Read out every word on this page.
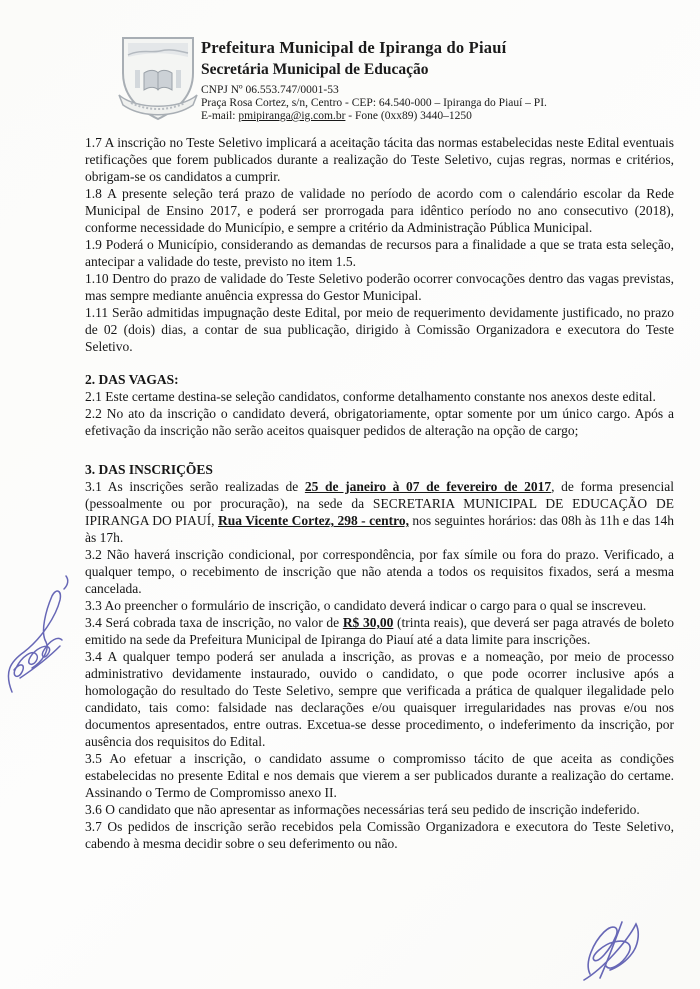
Prefeitura Municipal de Ipiranga do Piauí
Secretária Municipal de Educação
CNPJ Nº 06.553.747/0001-53
Praça Rosa Cortez, s/n, Centro - CEP: 64.540-000 – Ipiranga do Piauí – PI.
E-mail: pmipiranga@ig.com.br - Fone (0xx89) 3440–1250

1.7 A inscrição no Teste Seletivo implicará a aceitação tácita das normas estabelecidas neste Edital eventuais retificações que forem publicados durante a realização do Teste Seletivo, cujas regras, normas e critérios, obrigam-se os candidatos a cumprir.

1.8 A presente seleção terá prazo de validade no período de acordo com o calendário escolar da Rede Municipal de Ensino 2017, e poderá ser prorrogada para idêntico período no ano consecutivo (2018), conforme necessidade do Município, e sempre a critério da Administração Pública Municipal.

1.9 Poderá o Município, considerando as demandas de recursos para a finalidade a que se trata esta seleção, antecipar a validade do teste, previsto no item 1.5.

1.10 Dentro do prazo de validade do Teste Seletivo poderão ocorrer convocações dentro das vagas previstas, mas sempre mediante anuência expressa do Gestor Municipal.

1.11 Serão admitidas impugnação deste Edital, por meio de requerimento devidamente justificado, no prazo de 02 (dois) dias, a contar de sua publicação, dirigido à Comissão Organizadora e executora do Teste Seletivo.

2. DAS VAGAS:

2.1 Este certame destina-se seleção candidatos, conforme detalhamento constante nos anexos deste edital.

2.2 No ato da inscrição o candidato deverá, obrigatoriamente, optar somente por um único cargo. Após a efetivação da inscrição não serão aceitos quaisquer pedidos de alteração na opção de cargo;

3. DAS INSCRIÇÕES

3.1 As inscrições serão realizadas de 25 de janeiro à 07 de fevereiro de 2017, de forma presencial (pessoalmente ou por procuração), na sede da SECRETARIA MUNICIPAL DE EDUCAÇÃO DE IPIRANGA DO PIAUÍ, Rua Vicente Cortez, 298 - centro, nos seguintes horários: das 08h às 11h e das 14h às 17h.

3.2 Não haverá inscrição condicional, por correspondência, por fax símile ou fora do prazo. Verificado, a qualquer tempo, o recebimento de inscrição que não atenda a todos os requisitos fixados, será a mesma cancelada.

3.3 Ao preencher o formulário de inscrição, o candidato deverá indicar o cargo para o qual se inscreveu.

3.4 Será cobrada taxa de inscrição, no valor de R$ 30,00 (trinta reais), que deverá ser paga através de boleto emitido na sede da Prefeitura Municipal de Ipiranga do Piauí até a data limite para inscrições.

3.4 A qualquer tempo poderá ser anulada a inscrição, as provas e a nomeação, por meio de processo administrativo devidamente instaurado, ouvido o candidato, o que pode ocorrer inclusive após a homologação do resultado do Teste Seletivo, sempre que verificada a prática de qualquer ilegalidade pelo candidato, tais como: falsidade nas declarações e/ou quaisquer irregularidades nas provas e/ou nos documentos apresentados, entre outras. Excetua-se desse procedimento, o indeferimento da inscrição, por ausência dos requisitos do Edital.

3.5 Ao efetuar a inscrição, o candidato assume o compromisso tácito de que aceita as condições estabelecidas no presente Edital e nos demais que vierem a ser publicados durante a realização do certame. Assinando o Termo de Compromisso anexo II.

3.6 O candidato que não apresentar as informações necessárias terá seu pedido de inscrição indeferido.

3.7 Os pedidos de inscrição serão recebidos pela Comissão Organizadora e executora do Teste Seletivo, cabendo à mesma decidir sobre o seu deferimento ou não.
